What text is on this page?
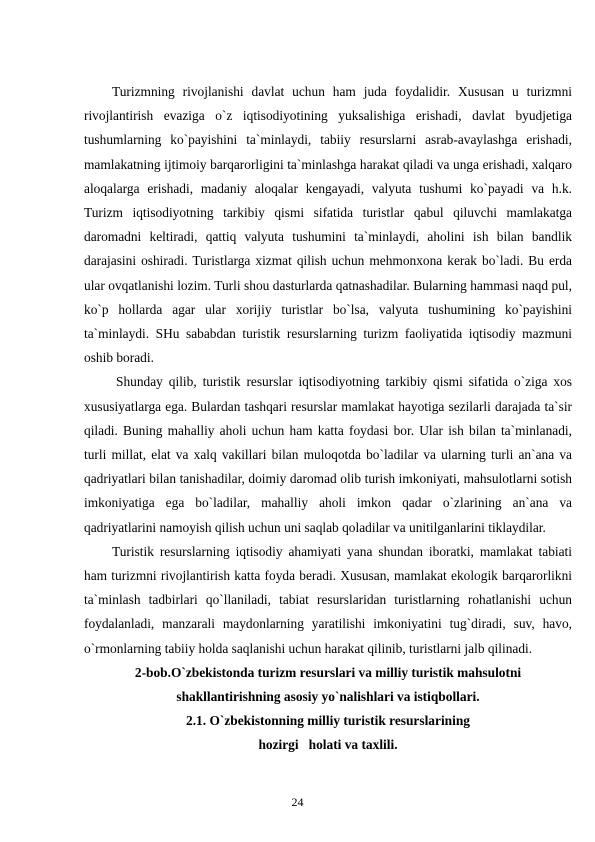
Turizmning rivojlanishi davlat uchun ham juda foydalidir. Xususan u turizmni rivojlantirish evaziga o`z iqtisodiyotining yuksalishiga erishadi, davlat byudjetiga tushumlarning ko`payishini ta`minlaydi, tabiiy resurslarni asrab-avaylashga erishadi, mamlakatning ijtimoiy barqarorligini ta`minlashga harakat qiladi va unga erishadi, xalqaro aloqalarga erishadi, madaniy aloqalar kengayadi, valyuta tushumi ko`payadi va h.k. Turizm iqtisodiyotning tarkibiy qismi sifatida turistlar qabul qiluvchi mamlakatga daromadni keltiradi, qattiq valyuta tushumini ta`minlaydi, aholini ish bilan bandlik darajasini oshiradi. Turistlarga xizmat qilish uchun mehmonxona kerak bo`ladi. Bu erda ular ovqatlanishi lozim. Turli shou dasturlarda qatnashadilar. Bularning hammasi naqd pul, ko`p hollarda agar ular xorijiy turistlar bo`lsa, valyuta tushumining ko`payishini ta`minlaydi. SHu sababdan turistik resurslarning turizm faoliyatida iqtisodiy mazmuni oshib boradi.

Shunday qilib, turistik resurslar iqtisodiyotning tarkibiy qismi sifatida o`ziga xos xususiyatlarga ega. Bulardan tashqari resurslar mamlakat hayotiga sezilarli darajada ta`sir qiladi. Buning mahalliy aholi uchun ham katta foydasi bor. Ular ish bilan ta`minlanadi, turli millat, elat va xalq vakillari bilan muloqotda bo`ladilar va ularning turli an`ana va qadriyatlari bilan tanishadilar, doimiy daromad olib turish imkoniyati, mahsulotlarni sotish imkoniyatiga ega bo`ladilar, mahalliy aholi imkon qadar o`zlarining an`ana va qadriyatlarini namoyish qilish uchun uni saqlab qoladilar va unitilganlarini tiklaydilar.

Turistik resurslarning iqtisodiy ahamiyati yana shundan iboratki, mamlakat tabiati ham turizmni rivojlantirish katta foyda beradi. Xususan, mamlakat ekologik barqarorlikni ta`minlash tadbirlari qo`llaniladi, tabiat resurslaridan turistlarning rohatlanishi uchun foydalanladi, manzarali maydonlarning yaratilishi imkoniyatini tug`diradi, suv, havo, o`rmonlarning tabiiy holda saqlanishi uchun harakat qilinib, turistlarni jalb qilinadi.

2-bob.O`zbekistonda turizm resurslari va milliy turistik mahsulotni

shakllantirishning asosiy yo`nalishlari va istiqbollari.

2.1. O`zbekistonning milliy turistik resurslarining

hozirgi   holati va taxlili.

24
